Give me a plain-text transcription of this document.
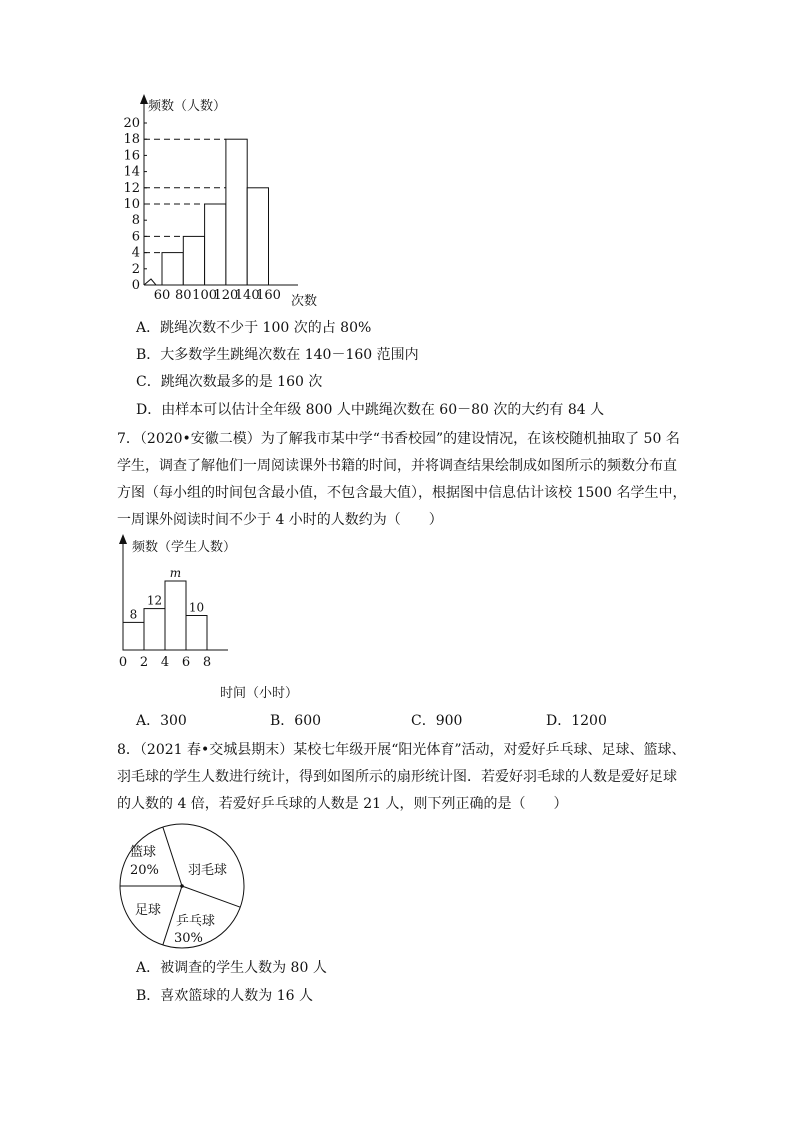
20
18
16
14
12
10
8
6
4
2
0
60 80 100
120
140
160
频数（人数）
次数
A．跳绳次数不少于 100 次的占 80%
B．大多数学生跳绳次数在 140－160 范围内
C．跳绳次数最多的是 160 次
D．由样本可以估计全年级 800 人中跳绳次数在 60－80 次的大约有 84 人
7．（2020•安徽二模）为了解我市某中学“书香校园”的建设情况，在该校随机抽取了 50 名
学生，调查了解他们一周阅读课外书籍的时间，并将调查结果绘制成如图所示的频数分布直
方图（每小组的时间包含最小值，不包含最大值），根据图中信息估计该校 1500 名学生中，
一周课外阅读时间不少于 4 小时的人数约为（　　）
8
12
m
10
0 2 4 6 8
频数（学生人数）
时间（小时）
A．300	B．600	C．900	D．1200
8．（2021 春•交城县期末）某校七年级开展“阳光体育”活动，对爱好乒乓球、足球、篮球、
羽毛球的学生人数进行统计，得到如图所示的扇形统计图．若爱好羽毛球的人数是爱好足球
的人数的 4 倍，若爱好乒乓球的人数是 21 人，则下列正确的是（　　）
篮球
20% 羽毛球
乒乓球
30%
足球
A．被调查的学生人数为 80 人
B．喜欢篮球的人数为 16 人
